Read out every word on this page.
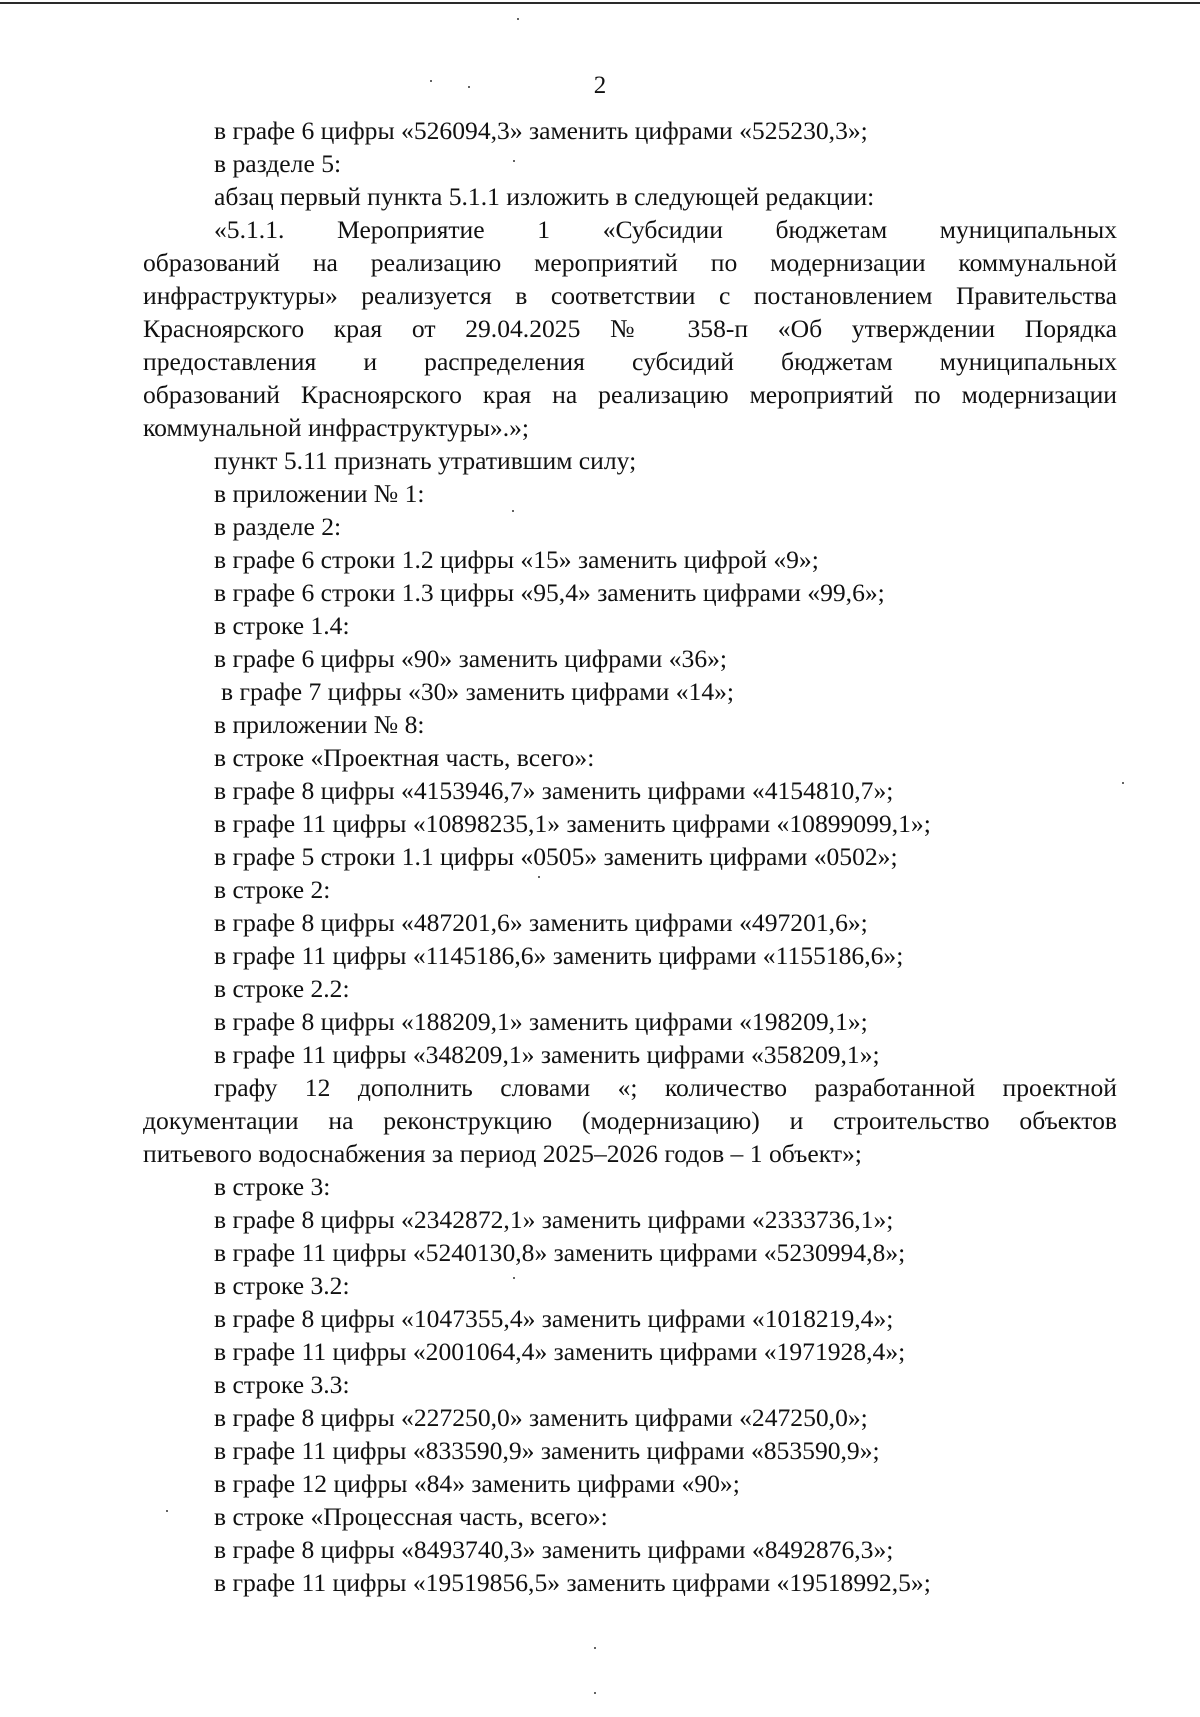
2

в графе 6 цифры «526094,3» заменить цифрами «525230,3»;

в разделе 5:

абзац первый пункта 5.1.1 изложить в следующей редакции:

«5.1.1. Мероприятие 1 «Субсидии бюджетам муниципальных

образований на реализацию мероприятий по модернизации коммунальной

инфраструктуры» реализуется в соответствии с постановлением Правительства

Красноярского края от 29.04.2025 № 358-п «Об утверждении Порядка

предоставления и распределения субсидий бюджетам муниципальных

образований Красноярского края на реализацию мероприятий по модернизации

коммунальной инфраструктуры».»;

пункт 5.11 признать утратившим силу;

в приложении № 1:

в разделе 2:

в графе 6 строки 1.2 цифры «15» заменить цифрой «9»;

в графе 6 строки 1.3 цифры «95,4» заменить цифрами «99,6»;

в строке 1.4:

в графе 6 цифры «90» заменить цифрами «36»;

в графе 7 цифры «30» заменить цифрами «14»;

в приложении № 8:

в строке «Проектная часть, всего»:

в графе 8 цифры «4153946,7» заменить цифрами «4154810,7»;

в графе 11 цифры «10898235,1» заменить цифрами «10899099,1»;

в графе 5 строки 1.1 цифры «0505» заменить цифрами «0502»;

в строке 2:

в графе 8 цифры «487201,6» заменить цифрами «497201,6»;

в графе 11 цифры «1145186,6» заменить цифрами «1155186,6»;

в строке 2.2:

в графе 8 цифры «188209,1» заменить цифрами «198209,1»;

в графе 11 цифры «348209,1» заменить цифрами «358209,1»;

графу 12 дополнить словами «; количество разработанной проектной

документации на реконструкцию (модернизацию) и строительство объектов

питьевого водоснабжения за период 2025–2026 годов – 1 объект»;

в строке 3:

в графе 8 цифры «2342872,1» заменить цифрами «2333736,1»;

в графе 11 цифры «5240130,8» заменить цифрами «5230994,8»;

в строке 3.2:

в графе 8 цифры «1047355,4» заменить цифрами «1018219,4»;

в графе 11 цифры «2001064,4» заменить цифрами «1971928,4»;

в строке 3.3:

в графе 8 цифры «227250,0» заменить цифрами «247250,0»;

в графе 11 цифры «833590,9» заменить цифрами «853590,9»;

в графе 12 цифры «84» заменить цифрами «90»;

в строке «Процессная часть, всего»:

в графе 8 цифры «8493740,3» заменить цифрами «8492876,3»;

в графе 11 цифры «19519856,5» заменить цифрами «19518992,5»;
